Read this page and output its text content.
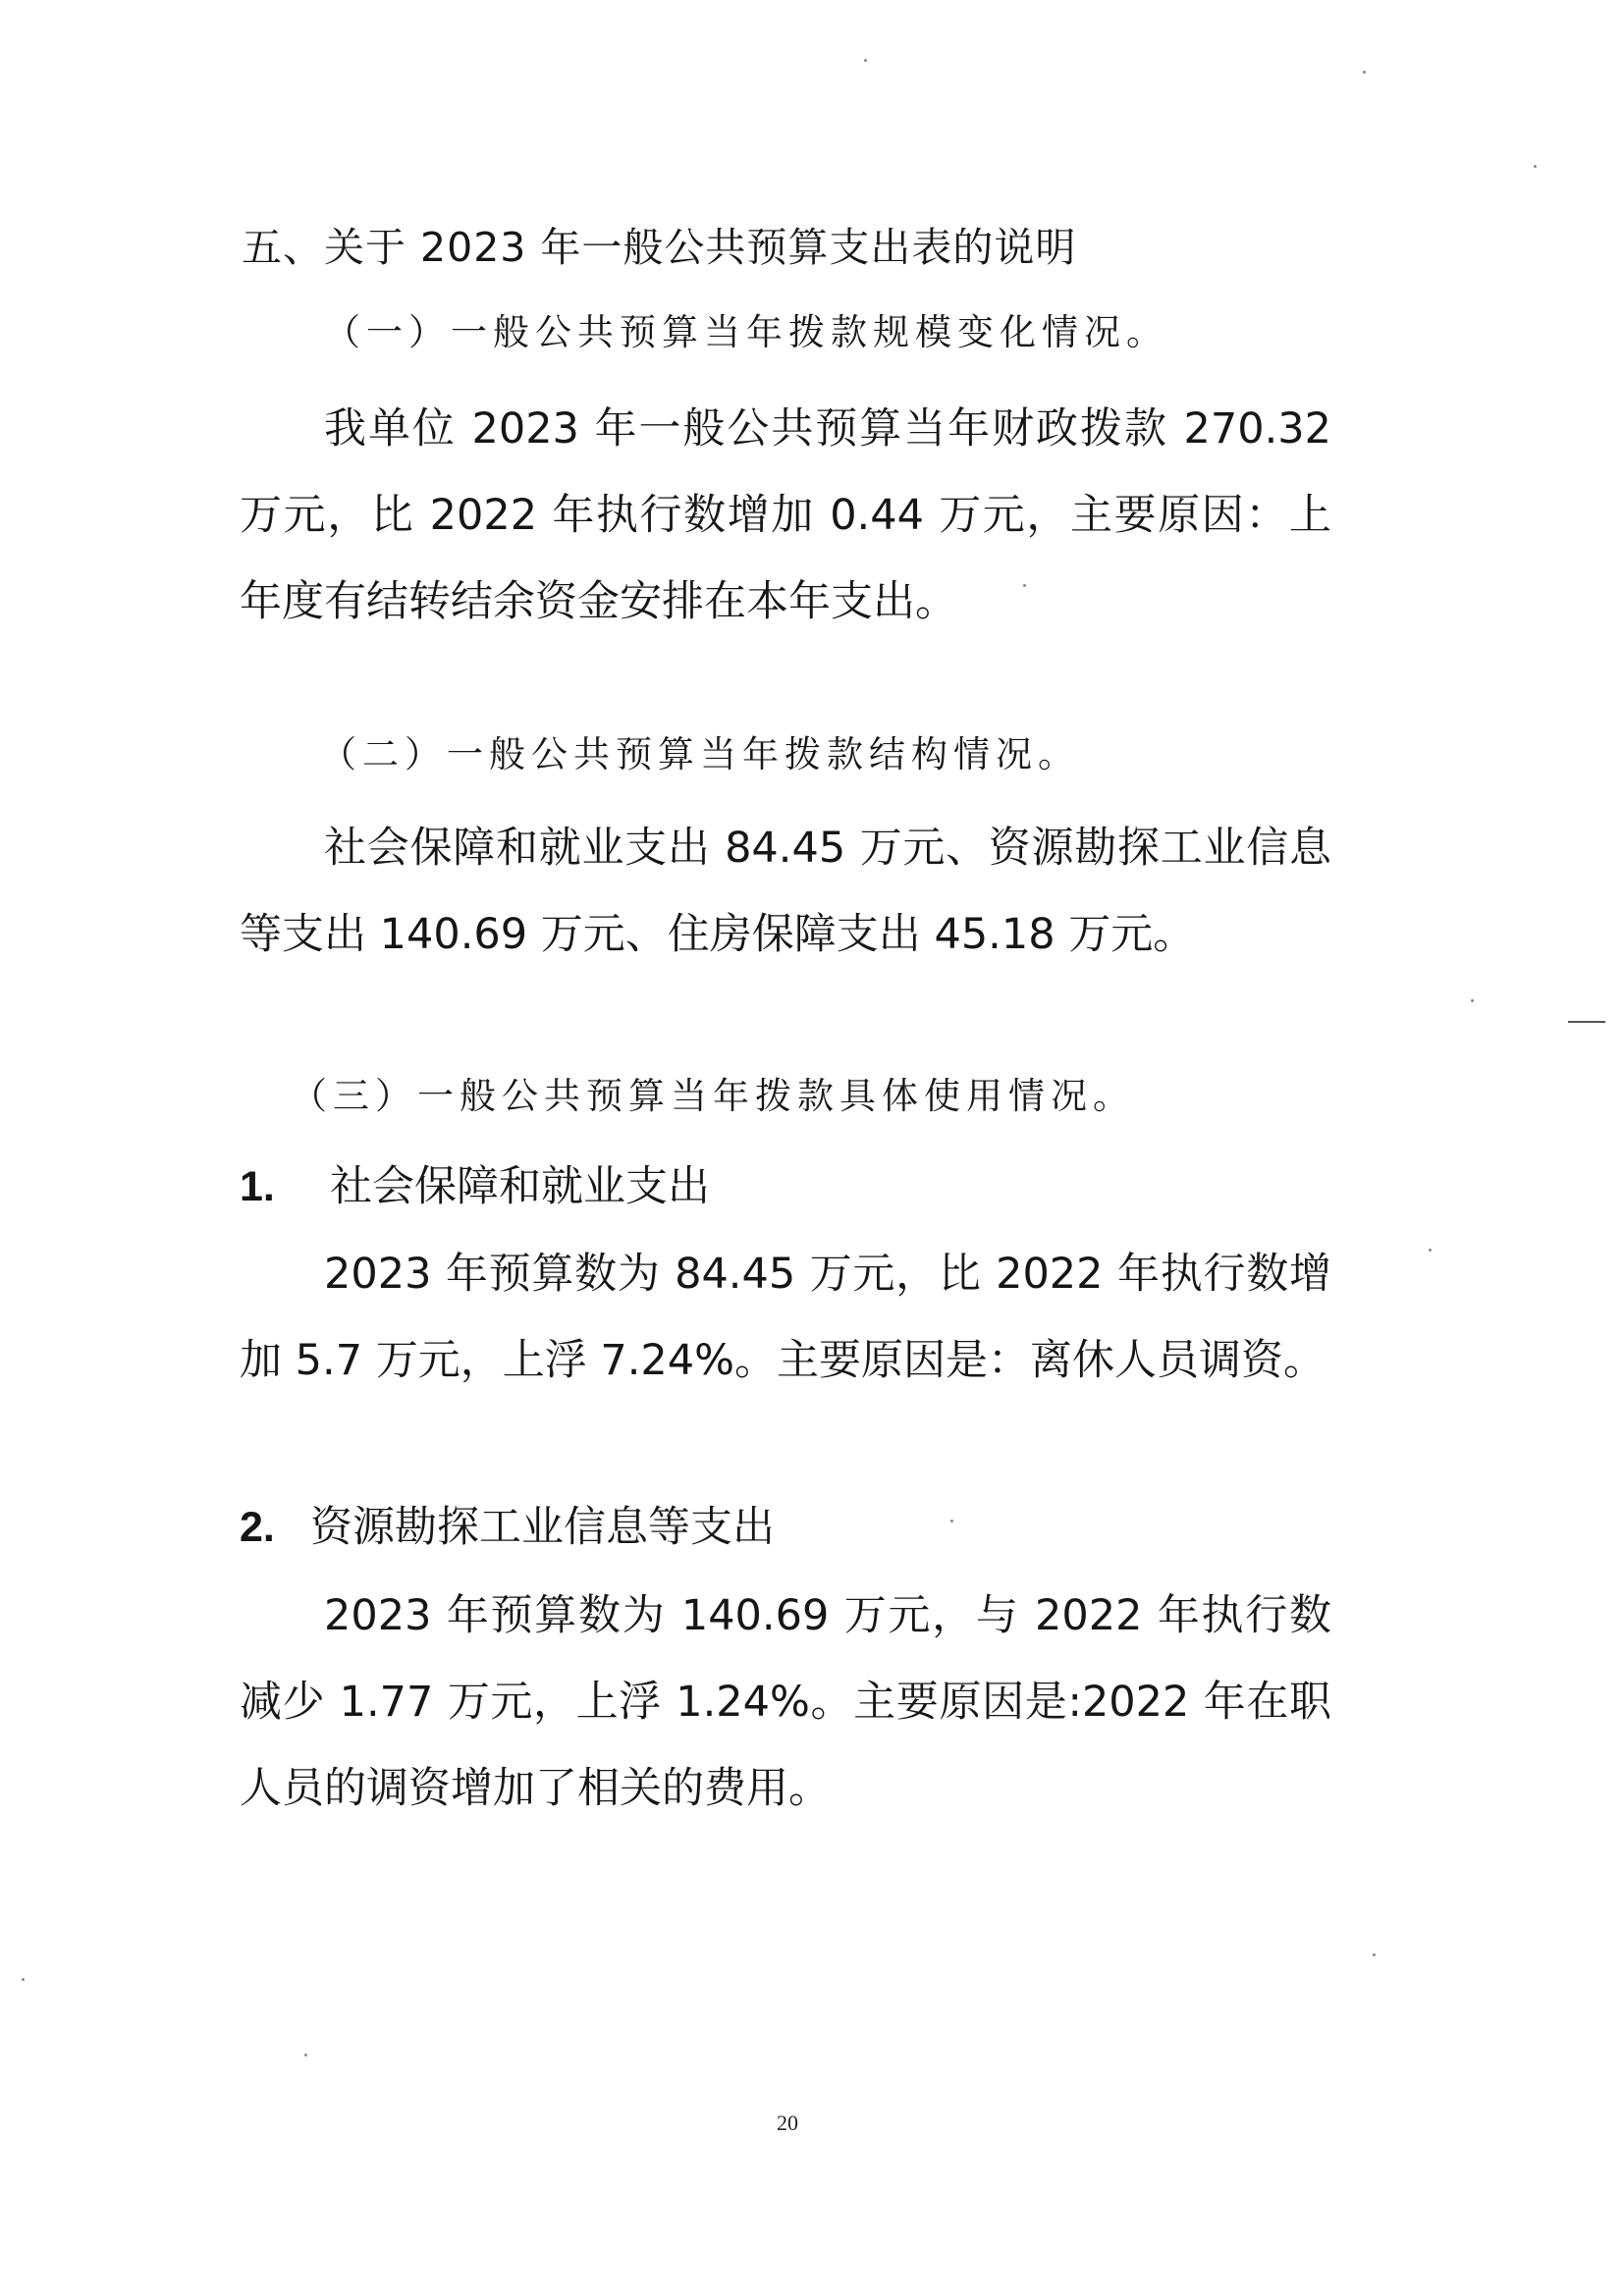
五、关于 2023 年一般公共预算支出表的说明
（一）一般公共预算当年拨款规模变化情况。

我单位 2023 年一般公共预算当年财政拨款 270.32 万元，比 2022 年执行数增加 0.44 万元，主要原因：上年度有结转结余资金安排在本年支出。

（二）一般公共预算当年拨款结构情况。

社会保障和就业支出 84.45 万元、资源勘探工业信息等支出 140.69 万元、住房保障支出 45.18 万元。

（三）一般公共预算当年拨款具体使用情况。
1. 社会保障和就业支出

2023 年预算数为 84.45 万元，比 2022 年执行数增加 5.7 万元，上浮 7.24%。主要原因是：离休人员调资。

2. 资源勘探工业信息等支出

2023 年预算数为 140.69 万元，与 2022 年执行数减少 1.77 万元，上浮 1.24%。主要原因是:2022 年在职人员的调资增加了相关的费用。

20
